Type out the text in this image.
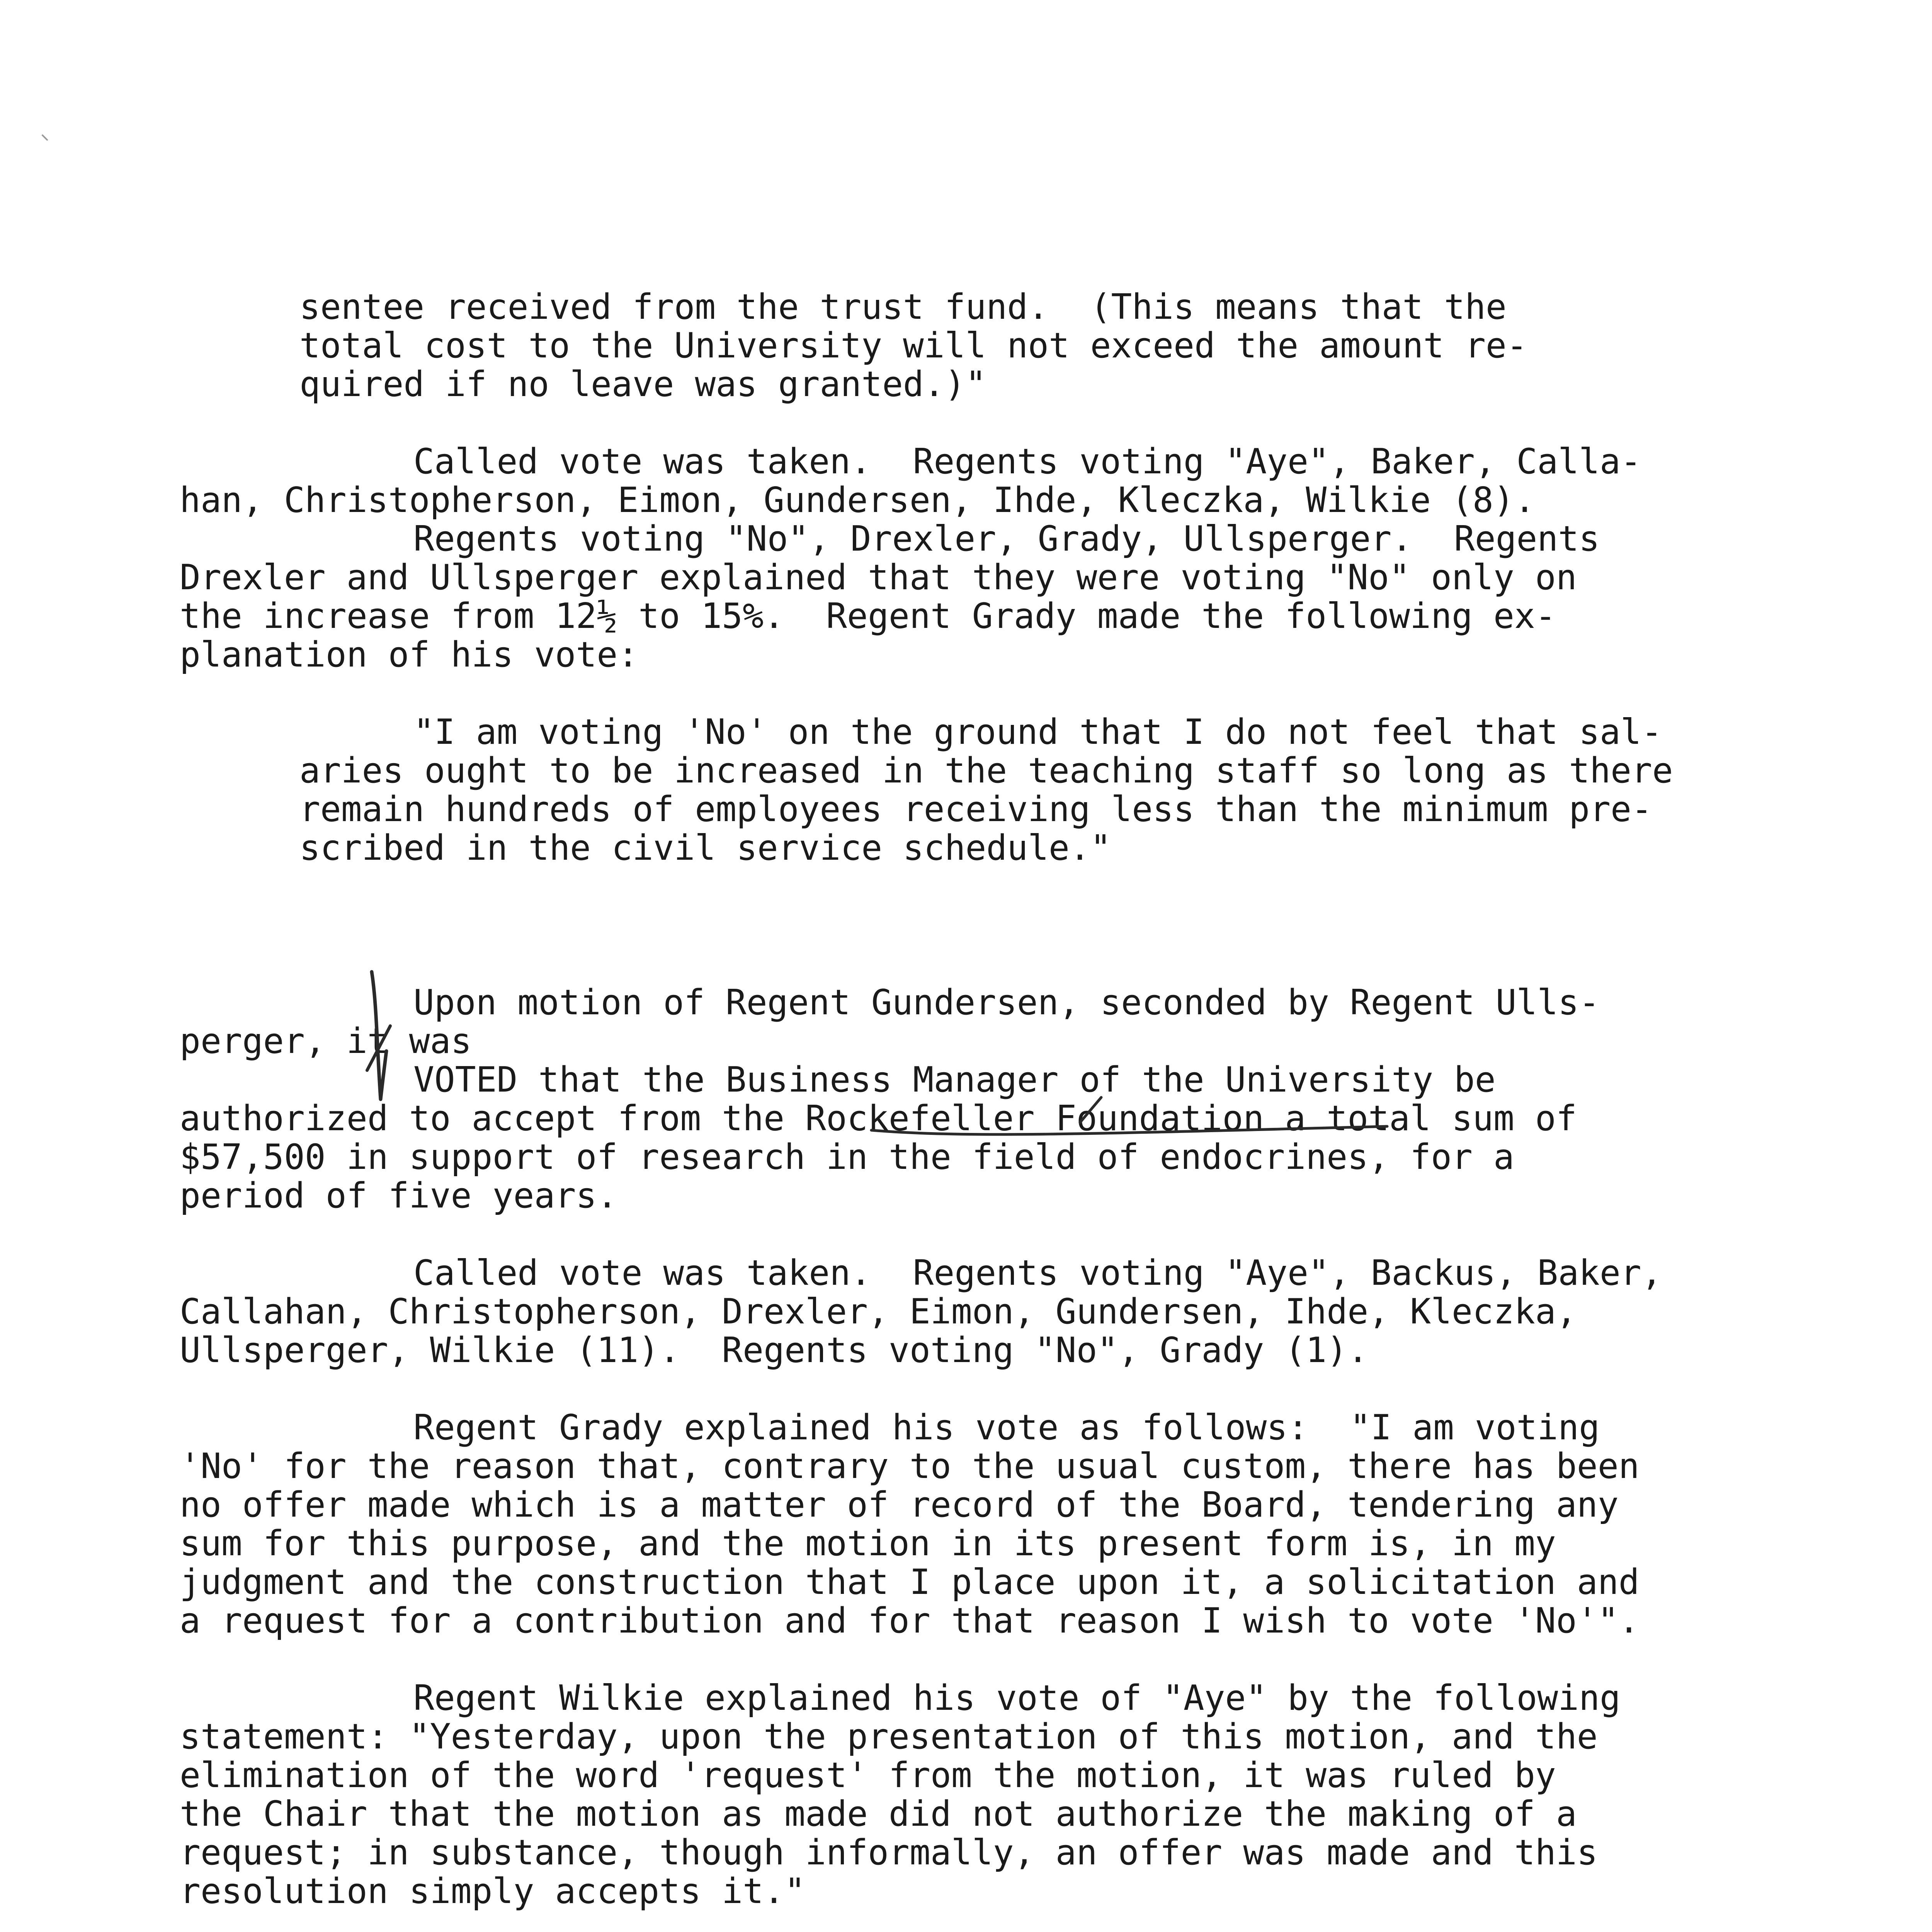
sentee received from the trust fund.  (This means that the
total cost to the University will not exceed the amount re-
quired if no leave was granted.)"
Called vote was taken.  Regents voting "Aye", Baker, Calla-
han, Christopherson, Eimon, Gundersen, Ihde, Kleczka, Wilkie (8).
Regents voting "No", Drexler, Grady, Ullsperger.  Regents
Drexler and Ullsperger explained that they were voting "No" only on
the increase from 12½ to 15%.  Regent Grady made the following ex-
planation of his vote:
"I am voting 'No' on the ground that I do not feel that sal-
aries ought to be increased in the teaching staff so long as there
remain hundreds of employees receiving less than the minimum pre-
scribed in the civil service schedule."
Upon motion of Regent Gundersen, seconded by Regent Ulls-
perger, it was
VOTED that the Business Manager of the University be
authorized to accept from the Rockefeller Foundation a total sum of
$57,500 in support of research in the field of endocrines, for a
period of five years.
Called vote was taken.  Regents voting "Aye", Backus, Baker,
Callahan, Christopherson, Drexler, Eimon, Gundersen, Ihde, Kleczka,
Ullsperger, Wilkie (11).  Regents voting "No", Grady (1).
Regent Grady explained his vote as follows:  "I am voting
'No' for the reason that, contrary to the usual custom, there has been
no offer made which is a matter of record of the Board, tendering any
sum for this purpose, and the motion in its present form is, in my
judgment and the construction that I place upon it, a solicitation and
a request for a contribution and for that reason I wish to vote 'No'".
Regent Wilkie explained his vote of "Aye" by the following
statement: "Yesterday, upon the presentation of this motion, and the
elimination of the word 'request' from the motion, it was ruled by
the Chair that the motion as made did not authorize the making of a
request; in substance, though informally, an offer was made and this
resolution simply accepts it."
